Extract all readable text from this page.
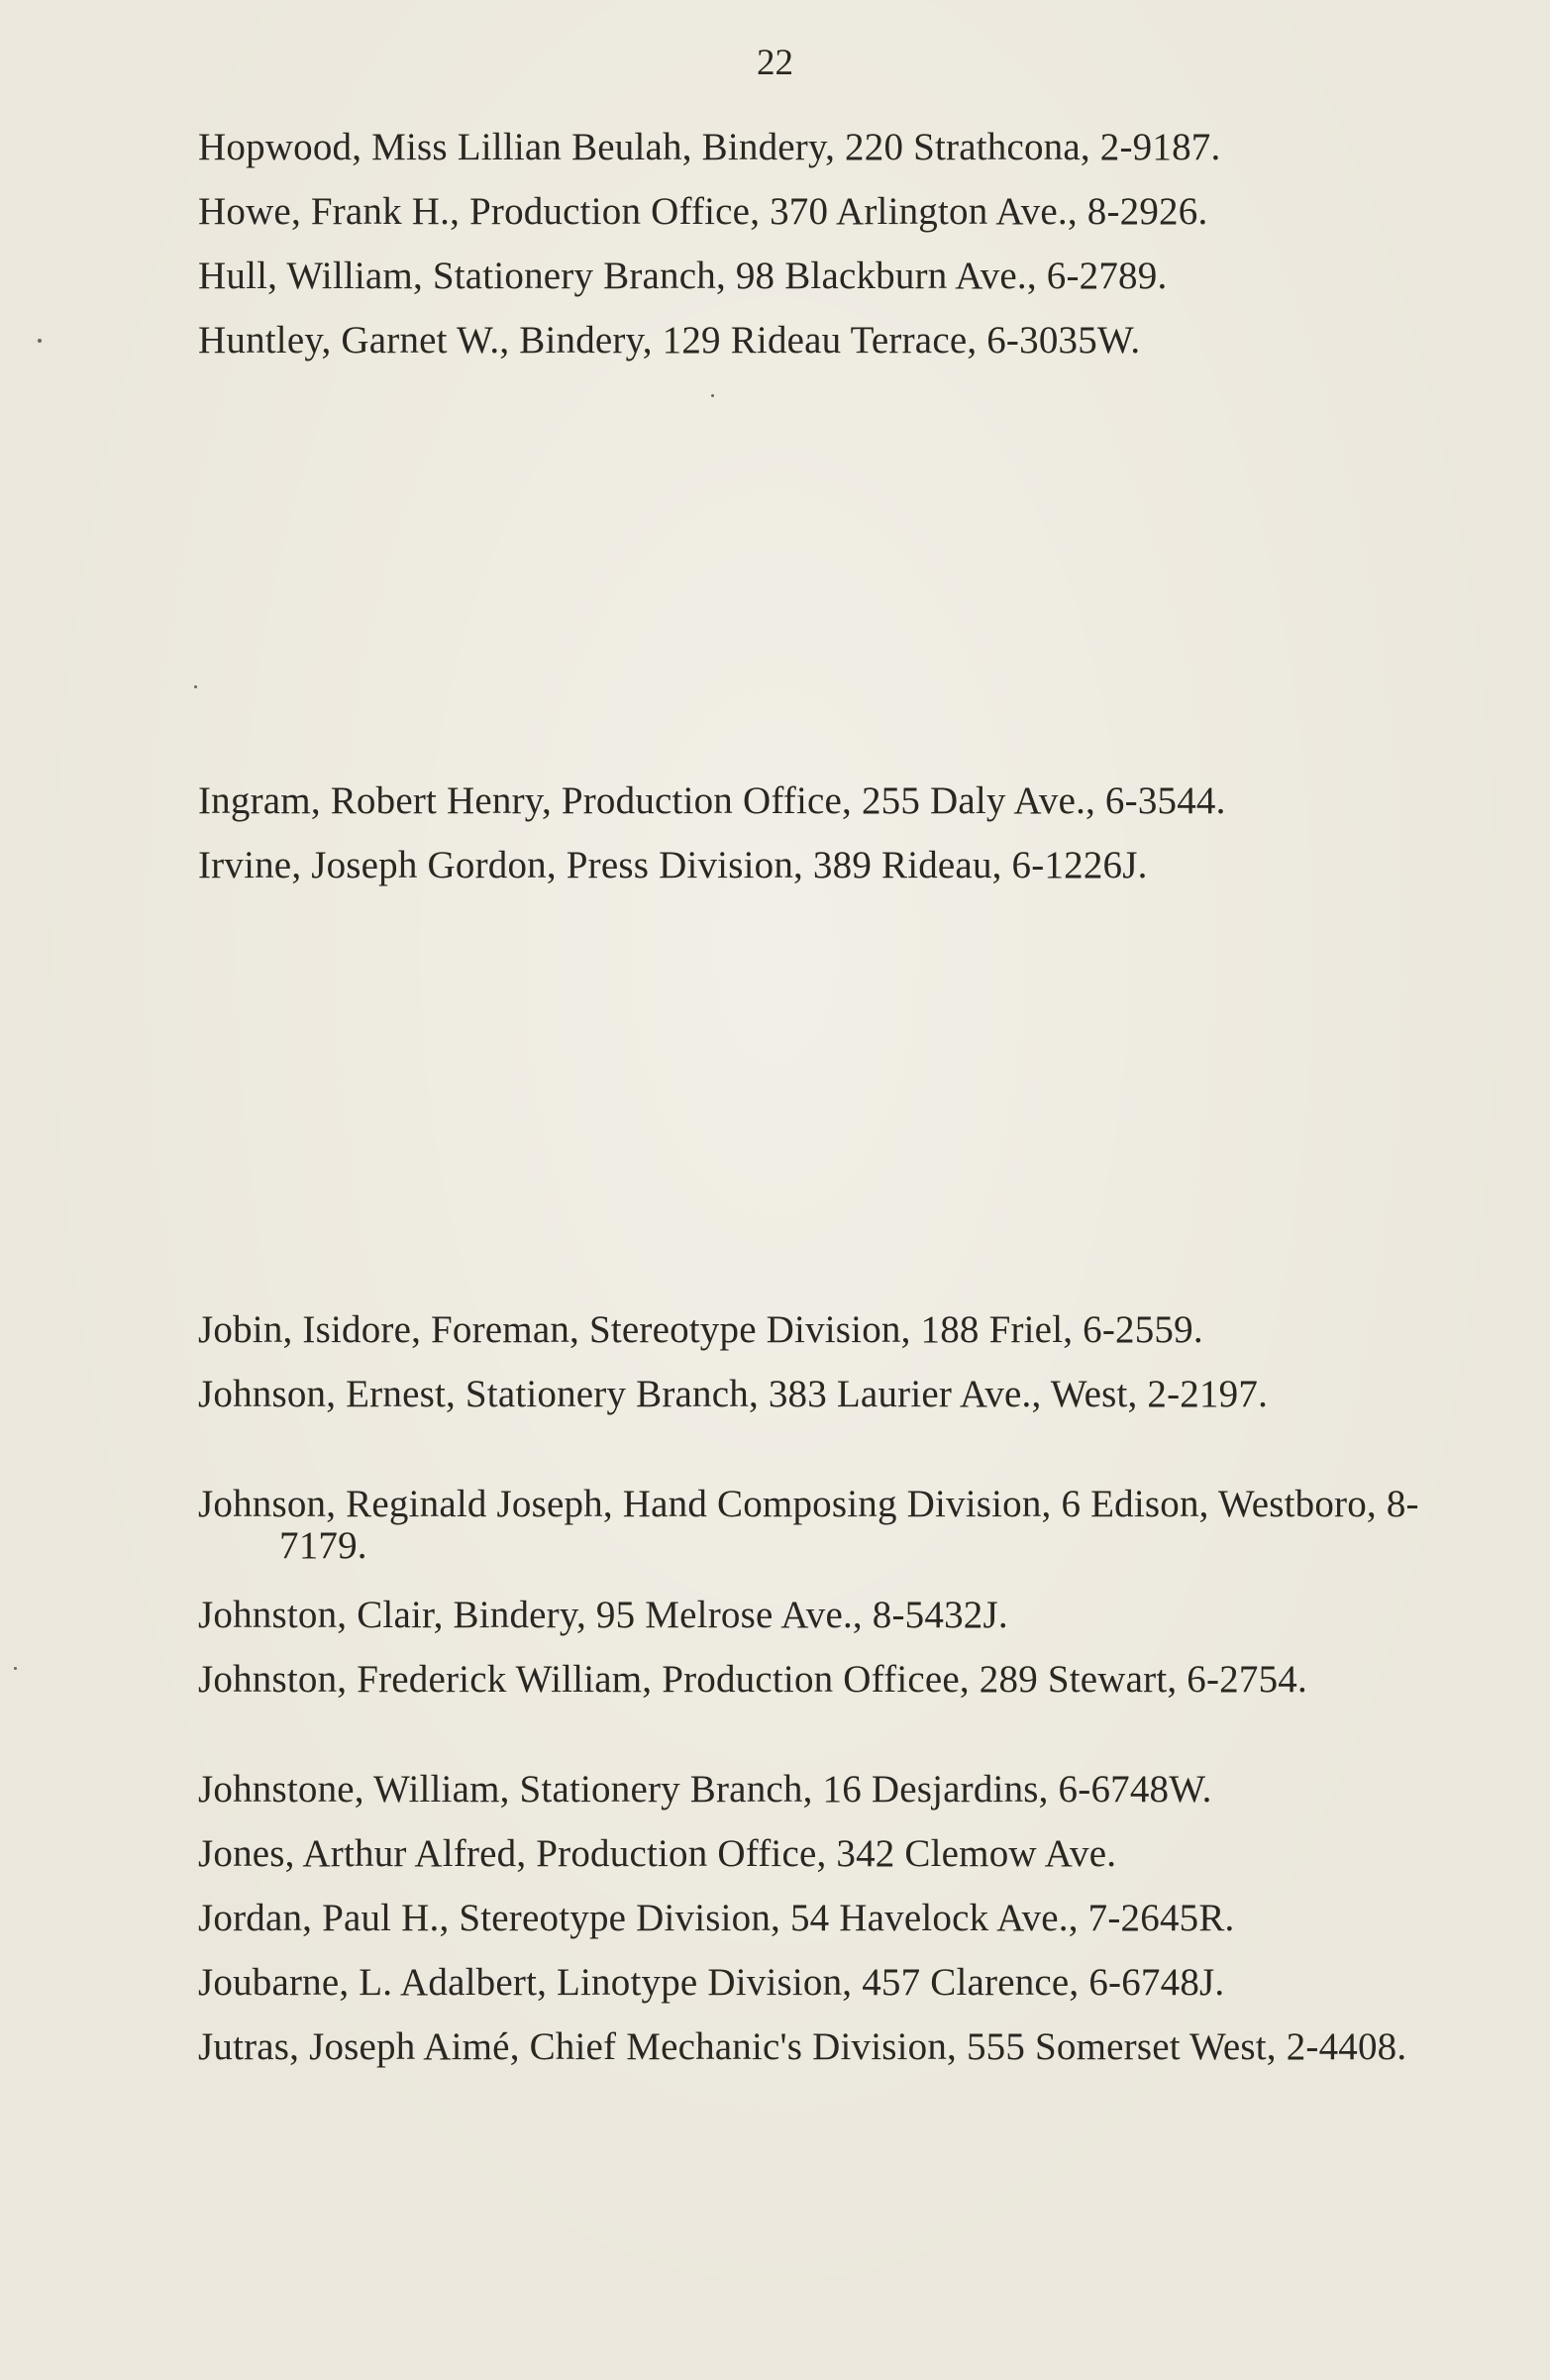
22
Hopwood, Miss Lillian Beulah, Bindery, 220 Strathcona, 2-9187.
Howe, Frank H., Production Office, 370 Arlington Ave., 8-2926.
Hull, William, Stationery Branch, 98 Blackburn Ave., 6-2789.
Huntley, Garnet W., Bindery, 129 Rideau Terrace, 6-3035W.
Ingram, Robert Henry, Production Office, 255 Daly Ave., 6-3544.
Irvine, Joseph Gordon, Press Division, 389 Rideau, 6-1226J.
Jobin, Isidore, Foreman, Stereotype Division, 188 Friel, 6-2559.
Johnson, Ernest, Stationery Branch, 383 Laurier Ave., West, 2-2197.
Johnson, Reginald Joseph, Hand Composing Division, 6 Edison, Westboro, 8-7179.
Johnston, Clair, Bindery, 95 Melrose Ave., 8-5432J.
Johnston, Frederick William, Production Officee, 289 Stewart, 6-2754.
Johnstone, William, Stationery Branch, 16 Desjardins, 6-6748W.
Jones, Arthur Alfred, Production Office, 342 Clemow Ave.
Jordan, Paul H., Stereotype Division, 54 Havelock Ave., 7-2645R.
Joubarne, L. Adalbert, Linotype Division, 457 Clarence, 6-6748J.
Jutras, Joseph Aimé, Chief Mechanic's Division, 555 Somerset West, 2-4408.
